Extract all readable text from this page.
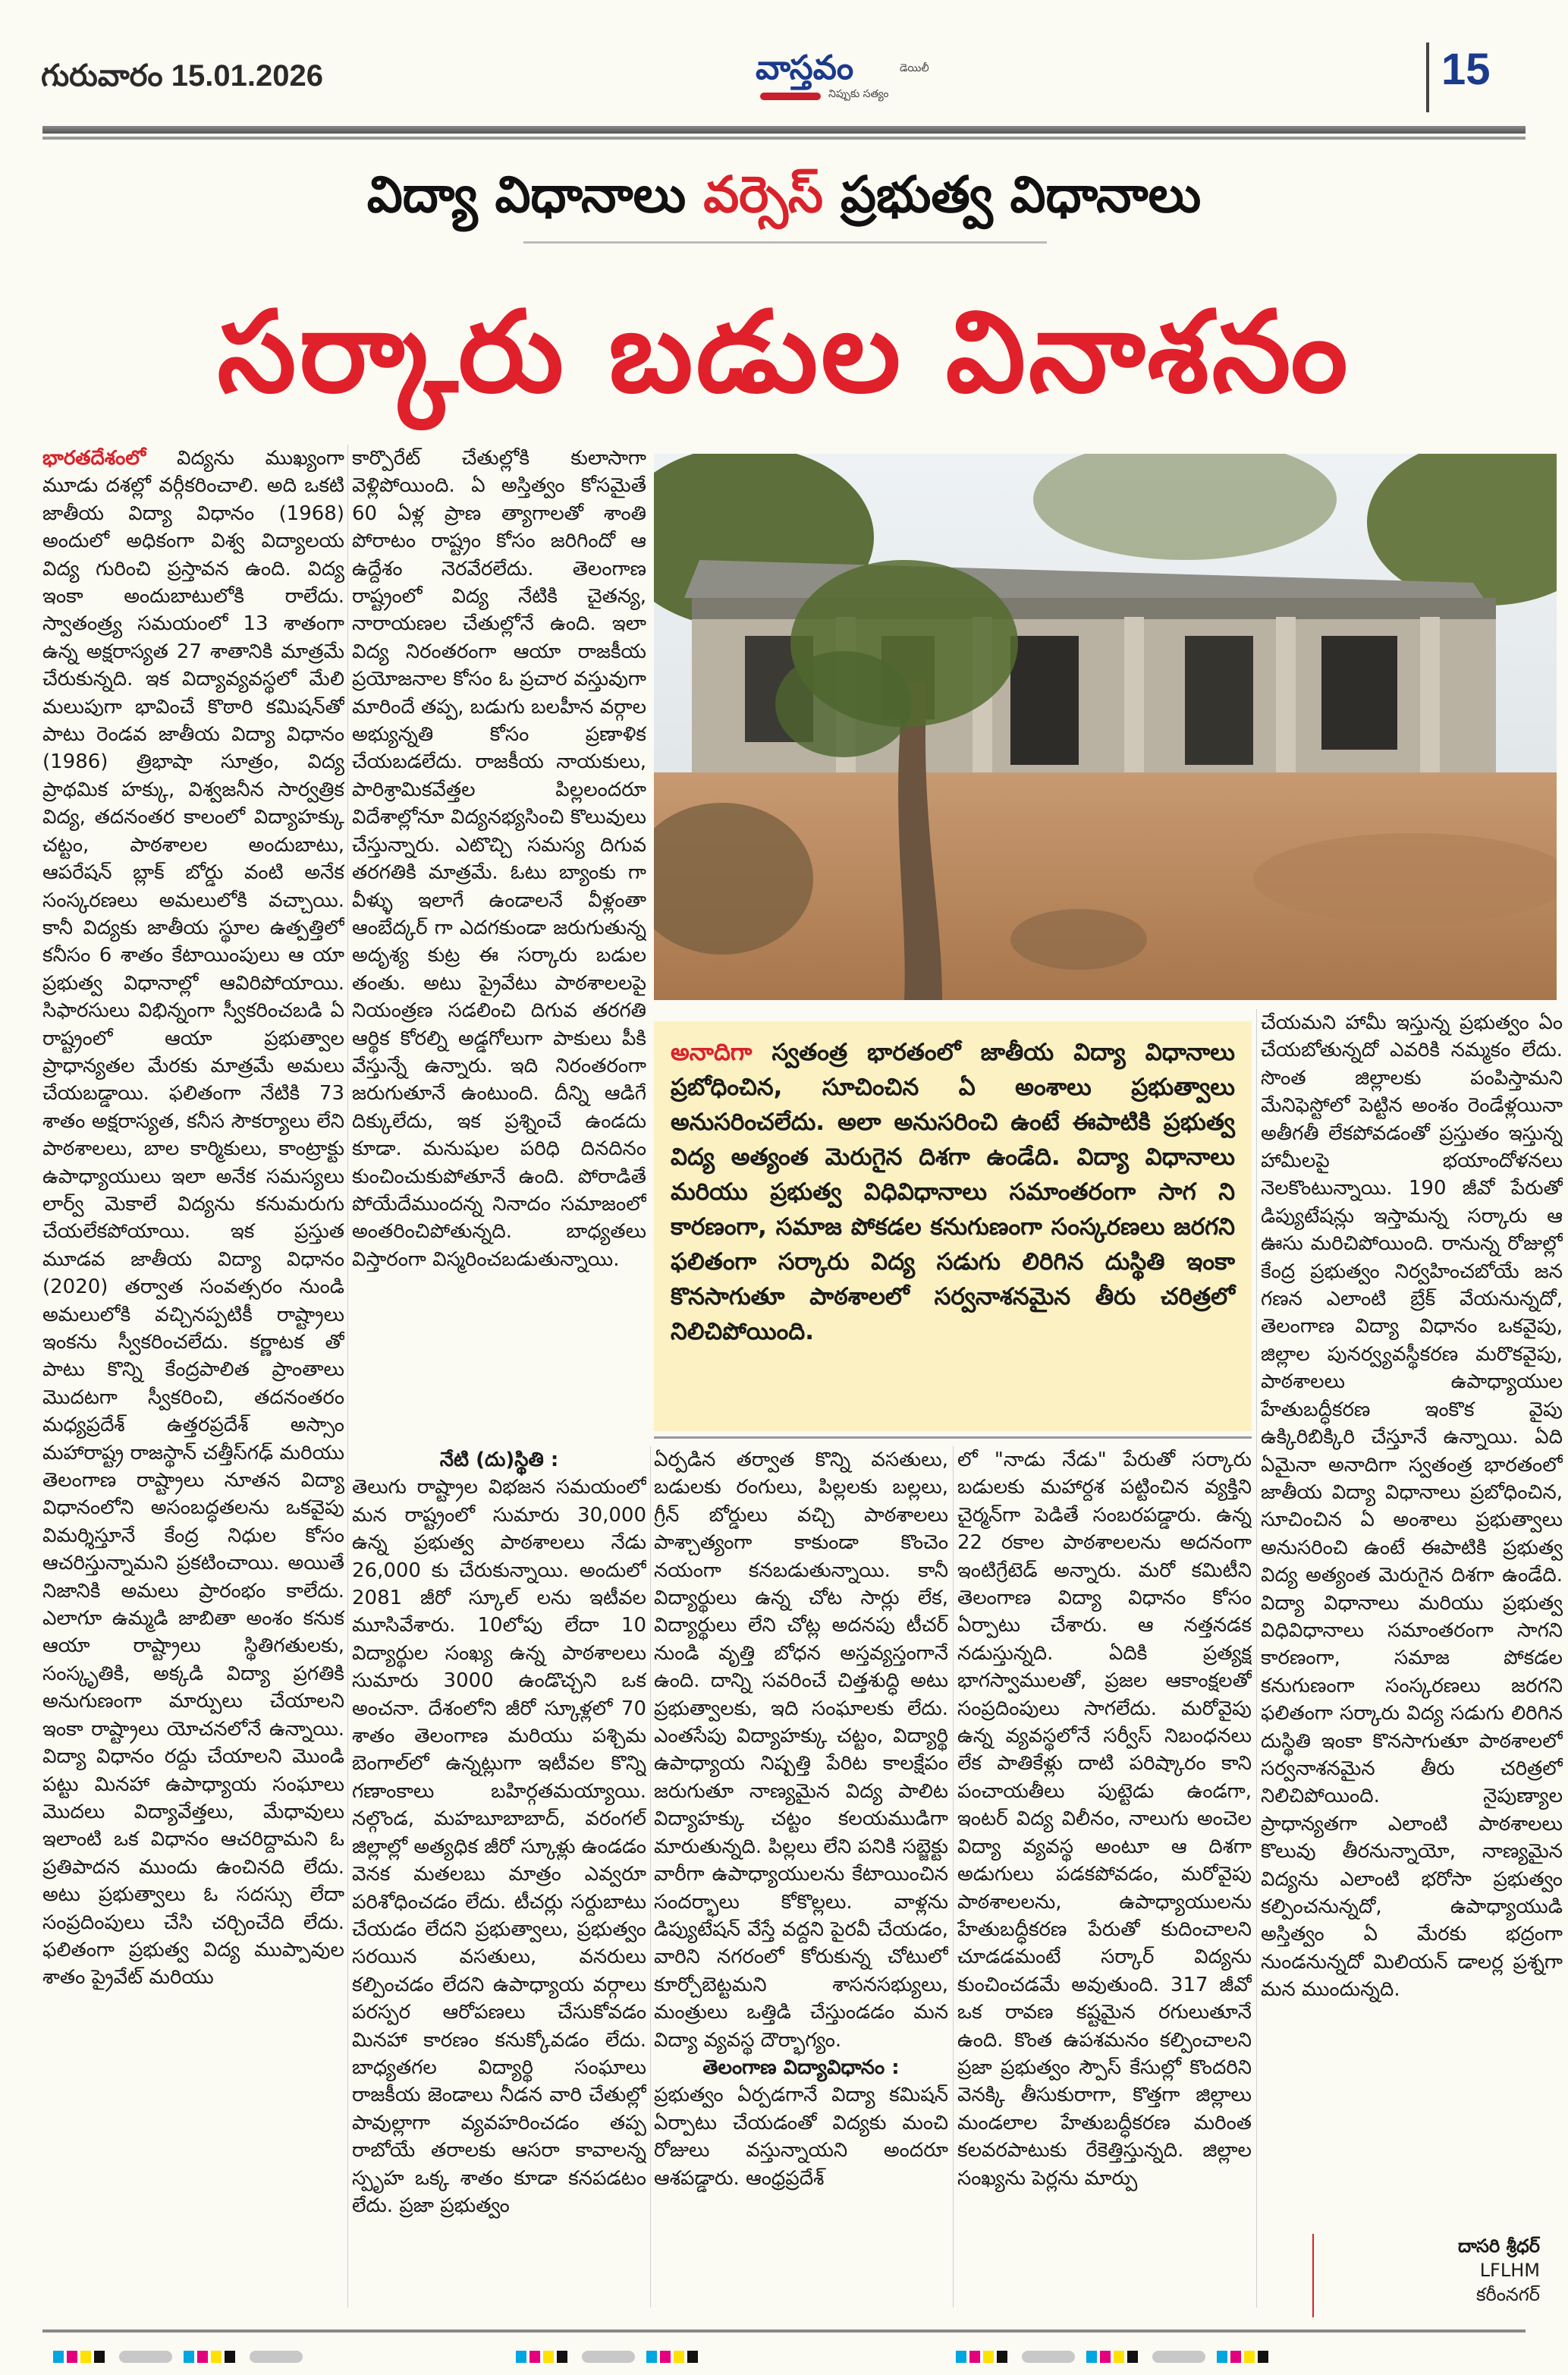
గురువారం 15.01.2026	వాస్తవం
నిప్పుకు సత్యం
డెయిలీ	15
విద్యా విధానాలు వర్సెస్ ప్రభుత్వ విధానాలు
సర్కారు బడుల వినాశనం

భారతదేశంలో విద్యను ముఖ్యంగా మూడు దశల్లో వర్గీకరించాలి. అది ఒకటి జాతీయ విద్యా విధానం (1968) అందులో అధికంగా విశ్వ విద్యాలయ విద్య గురించి ప్రస్తావన ఉంది. విద్య ఇంకా అందుబాటులోకి రాలేదు. స్వాతంత్ర్య సమయంలో 13 శాతంగా ఉన్న అక్షరాస్యత 27 శాతానికి మాత్రమే చేరుకున్నది. ఇక విద్యావ్యవస్థలో మేలి మలుపుగా భావించే కొఠారి కమిషన్‌తో పాటు రెండవ జాతీయ విద్యా విధానం (1986) త్రిభాషా సూత్రం, విద్య ప్రాథమిక హక్కు, విశ్వజనీన సార్వత్రిక విద్య, తదనంతర కాలంలో విద్యాహక్కు చట్టం, పాఠశాలల అందుబాటు, ఆపరేషన్ బ్లాక్ బోర్డు వంటి అనేక సంస్కరణలు అమలులోకి వచ్చాయి. కానీ విద్యకు జాతీయ స్థూల ఉత్పత్తిలో కనీసం 6 శాతం కేటాయింపులు ఆ యా ప్రభుత్వ విధానాల్లో ఆవిరిపోయాయి. సిఫారసులు విభిన్నంగా స్వీకరించబడి ఏ రాష్ట్రంలో ఆయా ప్రభుత్వాల ప్రాధాన్యతల మేరకు మాత్రమే అమలు చేయబడ్డాయి. ఫలితంగా నేటికి 73 శాతం అక్షరాస్యత, కనీస సౌకర్యాలు లేని పాఠశాలలు, బాల కార్మికులు, కాంట్రాక్టు ఉపాధ్యాయులు ఇలా అనేక సమస్యలు లార్వ్ మెకాలే విద్యను కనుమరుగు చేయలేకపోయాయి. ఇక ప్రస్తుత మూడవ జాతీయ విద్యా విధానం (2020) తర్వాత సంవత్సరం నుండి అమలులోకి వచ్చినప్పటికీ రాష్ట్రాలు ఇంకను స్వీకరించలేదు. కర్ణాటక తో పాటు కొన్ని కేంద్రపాలిత ప్రాంతాలు మొదటగా స్వీకరించి, తదనంతరం మధ్యప్రదేశ్ ఉత్తరప్రదేశ్ అస్సాం మహారాష్ట్ర రాజస్థాన్ చత్తీస్‌గఢ్ మరియు తెలంగాణ రాష్ట్రాలు నూతన విద్యా విధానంలోని అసంబద్ధతలను ఒకవైపు విమర్శిస్తూనే కేంద్ర నిధుల కోసం ఆచరిస్తున్నామని ప్రకటించాయి. అయితే నిజానికి అమలు ప్రారంభం కాలేదు. ఎలాగూ ఉమ్మడి జాబితా అంశం కనుక ఆయా రాష్ట్రాలు స్థితిగతులకు, సంస్కృతికి, అక్కడి విద్యా ప్రగతికి అనుగుణంగా మార్పులు చేయాలని ఇంకా రాష్ట్రాలు యోచనలోనే ఉన్నాయి. విద్యా విధానం రద్దు చేయాలని మొండి పట్టు మినహా ఉపాధ్యాయ సంఘాలు మొదలు విద్యావేత్తలు, మేధావులు ఇలాంటి ఒక విధానం ఆచరిద్దామని ఓ ప్రతిపాదన ముందు ఉంచినది లేదు. అటు ప్రభుత్వాలు ఓ సదస్సు లేదా సంప్రదింపులు చేసి చర్చించేది లేదు. ఫలితంగా ప్రభుత్వ విద్య ముప్పావుల శాతం ప్రైవేట్ మరియు

కార్పొరేట్ చేతుల్లోకి కులాసాగా వెళ్లిపోయింది. ఏ అస్తిత్వం కోసమైతే 60 ఏళ్ల ప్రాణ త్యాగాలతో శాంతి పోరాటం రాష్ట్రం కోసం జరిగిందో ఆ ఉద్దేశం నెరవేరలేదు. తెలంగాణ రాష్ట్రంలో విద్య నేటికి చైతన్య, నారాయణల చేతుల్లోనే ఉంది. ఇలా విద్య నిరంతరంగా ఆయా రాజకీయ ప్రయోజనాల కోసం ఓ ప్రచార వస్తువుగా మారిందే తప్ప, బడుగు బలహీన వర్గాల అభ్యున్నతి కోసం ప్రణాళిక చేయబడలేదు. రాజకీయ నాయకులు, పారిశ్రామికవేత్తల పిల్లలందరూ విదేశాల్లోనూ విద్యనభ్యసించి కొలువులు చేస్తున్నారు. ఎటొచ్చి సమస్య దిగువ తరగతికి మాత్రమే. ఓటు బ్యాంకు గా వీళ్ళు ఇలాగే ఉండాలనే వీళ్లంతా ఆంబేద్కర్ గా ఎదగకుండా జరుగుతున్న అదృశ్య కుట్ర ఈ సర్కారు బడుల తంతు. అటు ప్రైవేటు పాఠశాలలపై నియంత్రణ సడలించి దిగువ తరగతి ఆర్థిక కోరల్ని అడ్డగోలుగా పాకులు పీకి వేస్తున్నే ఉన్నారు. ఇది నిరంతరంగా జరుగుతూనే ఉంటుంది. దీన్ని ఆడిగే దిక్కులేదు, ఇక ప్రశ్నించే ఉండదు కూడా. మనుషుల పరిధి దినదినం కుంచించుకుపోతూనే ఉంది. పోరాడితే పోయేదేముందన్న నినాదం సమాజంలో అంతరించిపోతున్నది. బాధ్యతలు విస్తారంగా విస్మరించబడుతున్నాయి.

నేటి (దు)స్థితి :

తెలుగు రాష్ట్రాల విభజన సమయంలో మన రాష్ట్రంలో సుమారు 30,000 ఉన్న ప్రభుత్వ పాఠశాలలు నేడు 26,000 కు చేరుకున్నాయి. అందులో 2081 జీరో స్కూల్ లను ఇటీవల మూసివేశారు. 10లోపు లేదా 10 విద్యార్థుల సంఖ్య ఉన్న పాఠశాలలు సుమారు 3000 ఉండొచ్చని ఒక అంచనా. దేశంలోని జీరో స్కూళ్లలో 70 శాతం తెలంగాణ మరియు పశ్చిమ బెంగాల్‌లో ఉన్నట్లుగా ఇటీవల కొన్ని గణాంకాలు బహిర్గతమయ్యాయి. నల్గొండ, మహబూబాబాద్, వరంగల్ జిల్లాల్లో అత్యధిక జీరో స్కూళ్లు ఉండడం వెనక మతలబు మాత్రం ఎవ్వరూ పరిశోధించడం లేదు. టీచర్లు సర్దుబాటు చేయడం లేదని ప్రభుత్వాలు, ప్రభుత్వం సరయిన వసతులు, వనరులు కల్పించడం లేదని ఉపాధ్యాయ వర్గాలు పరస్పర ఆరోపణలు చేసుకోవడం మినహా కారణం కనుక్కోవడం లేదు. బాధ్యతగల విద్యార్థి సంఘాలు రాజకీయ జెండాలు నీడన వారి చేతుల్లో పావుల్లాగా వ్యవహరించడం తప్ప రాబోయే తరాలకు ఆసరా కావాలన్న స్పృహ ఒక్క శాతం కూడా కనపడటం లేదు. ప్రజా ప్రభుత్వం

అనాదిగా స్వతంత్ర భారతంలో జాతీయ విద్యా విధానాలు ప్రబోధించిన, సూచించిన ఏ అంశాలు ప్రభుత్వాలు అనుసరించలేదు. అలా అనుసరించి ఉంటే ఈపాటికి ప్రభుత్వ విద్య అత్యంత మెరుగైన దిశగా ఉండేది. విద్యా విధానాలు మరియు ప్రభుత్వ విధివిధానాలు సమాంతరంగా సాగ ని కారణంగా, సమాజ పోకడల కనుగుణంగా సంస్కరణలు జరగని ఫలితంగా సర్కారు విద్య సడుగు లిరిగిన దుస్థితి ఇంకా కొనసాగుతూ పాఠశాలలో సర్వనాశనమైన తీరు చరిత్రలో నిలిచిపోయింది.

ఏర్పడిన తర్వాత కొన్ని వసతులు, బడులకు రంగులు, పిల్లలకు బల్లలు, గ్రీన్ బోర్డులు వచ్చి పాఠశాలలు పాశ్చాత్యంగా కాకుండా కొంచెం నయంగా కనబడుతున్నాయి. కానీ విద్యార్థులు ఉన్న చోట సార్లు లేక, విద్యార్థులు లేని చోట్ల అదనపు టీచర్ నుండి వృత్తి బోధన అస్తవ్యస్తంగానే ఉంది. దాన్ని సవరించే చిత్తశుద్ధి అటు ప్రభుత్వాలకు, ఇది సంఘాలకు లేదు. ఎంతసేపు విద్యాహక్కు చట్టం, విద్యార్థి ఉపాధ్యాయ నిష్పత్తి పేరిట కాలక్షేపం జరుగుతూ నాణ్యమైన విద్య పాలిట విద్యాహక్కు చట్టం కలయముడిగా మారుతున్నది. పిల్లలు లేని పనికి సబ్జెక్టు వారీగా ఉపాధ్యాయులను కేటాయించిన సందర్భాలు కోకొల్లలు. వాళ్లను డిప్యుటేషన్ వేస్తే వద్దని పైరవీ చేయడం, వారిని నగరంలో కోరుకున్న చోటులో కూర్చోబెట్టమని శాసనసభ్యులు, మంత్రులు ఒత్తిడి చేస్తుండడం మన విద్యా వ్యవస్థ దౌర్భాగ్యం.

తెలంగాణ విద్యావిధానం :

ప్రభుత్వం ఏర్పడగానే విద్యా కమిషన్ ఏర్పాటు చేయడంతో విద్యకు మంచి రోజులు వస్తున్నాయని అందరూ ఆశపడ్డారు. ఆంధ్రప్రదేశ్

లో "నాడు నేడు" పేరుతో సర్కారు బడులకు మహార్దశ పట్టించిన వ్యక్తిని చైర్మన్‌గా పెడితే సంబరపడ్డారు. ఉన్న 22 రకాల పాఠశాలలను అదనంగా ఇంటిగ్రేటెడ్ అన్నారు. మరో కమిటీని తెలంగాణ విద్యా విధానం కోసం ఏర్పాటు చేశారు. ఆ నత్తనడక నడుస్తున్నది. ఏదికి ప్రత్యక్ష భాగస్వాములతో, ప్రజల ఆకాంక్షలతో సంప్రదింపులు సాగలేదు. మరోవైపు ఉన్న వ్యవస్థలోనే సర్వీస్ నిబంధనలు లేక పాతికేళ్లు దాటి పరిష్కారం కాని పంచాయతీలు పుట్టెడు ఉండగా, ఇంటర్ విద్య విలీనం, నాలుగు అంచెల విద్యా వ్యవస్థ అంటూ ఆ దిశగా అడుగులు పడకపోవడం, మరోవైపు పాఠశాలలను, ఉపాధ్యాయులను హేతుబద్ధీకరణ పేరుతో కుదించాలని చూడడమంటే సర్కార్ విద్యను కుంచించడమే అవుతుంది. 317 జీవో ఒక రావణ కష్టమైన రగులుతూనే ఉంది. కొంత ఉపశమనం కల్పించాలని ప్రజా ప్రభుత్వం స్పౌస్ కేసుల్లో కొందరిని వెనక్కి తీసుకురాగా, కొత్తగా జిల్లాలు మండలాల హేతుబద్ధీకరణ మరింత కలవరపాటుకు రేకెత్తిస్తున్నది. జిల్లాల సంఖ్యను పెర్లను మార్పు

చేయమని హామీ ఇస్తున్న ప్రభుత్వం ఏం చేయబోతున్నదో ఎవరికి నమ్మకం లేదు. సొంత జిల్లాలకు పంపిస్తామని మేనిఫెస్టోలో పెట్టిన అంశం రెండేళ్లయినా అతీగతీ లేకపోవడంతో ప్రస్తుతం ఇస్తున్న హామీలపై భయాందోళనలు నెలకొంటున్నాయి. 190 జీవో పేరుతో డిప్యుటేషన్లు ఇస్తామన్న సర్కారు ఆ ఊసు మరిచిపోయింది. రానున్న రోజుల్లో కేంద్ర ప్రభుత్వం నిర్వహించబోయే జన గణన ఎలాంటి బ్రేక్ వేయనున్నదో, తెలంగాణ విద్యా విధానం ఒకవైపు, జిల్లాల పునర్వ్యవస్థీకరణ మరొకవైపు, పాఠశాలలు ఉపాధ్యాయుల హేతుబద్ధీకరణ ఇంకొక వైపు ఉక్కిరిబిక్కిరి చేస్తూనే ఉన్నాయి. ఏది ఏమైనా అనాదిగా స్వతంత్ర భారతంలో జాతీయ విద్యా విధానాలు ప్రబోధించిన, సూచించిన ఏ అంశాలు ప్రభుత్వాలు అనుసరించి ఉంటే ఈపాటికి ప్రభుత్వ విద్య అత్యంత మెరుగైన దిశగా ఉండేది. విద్యా విధానాలు మరియు ప్రభుత్వ విధివిధానాలు సమాంతరంగా సాగని కారణంగా, సమాజ పోకడల కనుగుణంగా సంస్కరణలు జరగని ఫలితంగా సర్కారు విద్య సడుగు లిరిగిన దుస్థితి ఇంకా కొనసాగుతూ పాఠశాలలో సర్వనాశనమైన తీరు చరిత్రలో నిలిచిపోయింది. నైపుణ్యాల ప్రాధాన్యతగా ఎలాంటి పాఠశాలలు కొలువు తీరనున్నాయో, నాణ్యమైన విద్యను ఎలాంటి భరోసా ప్రభుత్వం కల్పించనున్నదో, ఉపాధ్యాయుడి అస్తిత్వం ఏ మేరకు భద్రంగా నుండనున్నదో మిలియన్ డాలర్ల ప్రశ్నగా మన ముందున్నది.

దాసరి శ్రీధర్
LFLHM
కరీంనగర్
